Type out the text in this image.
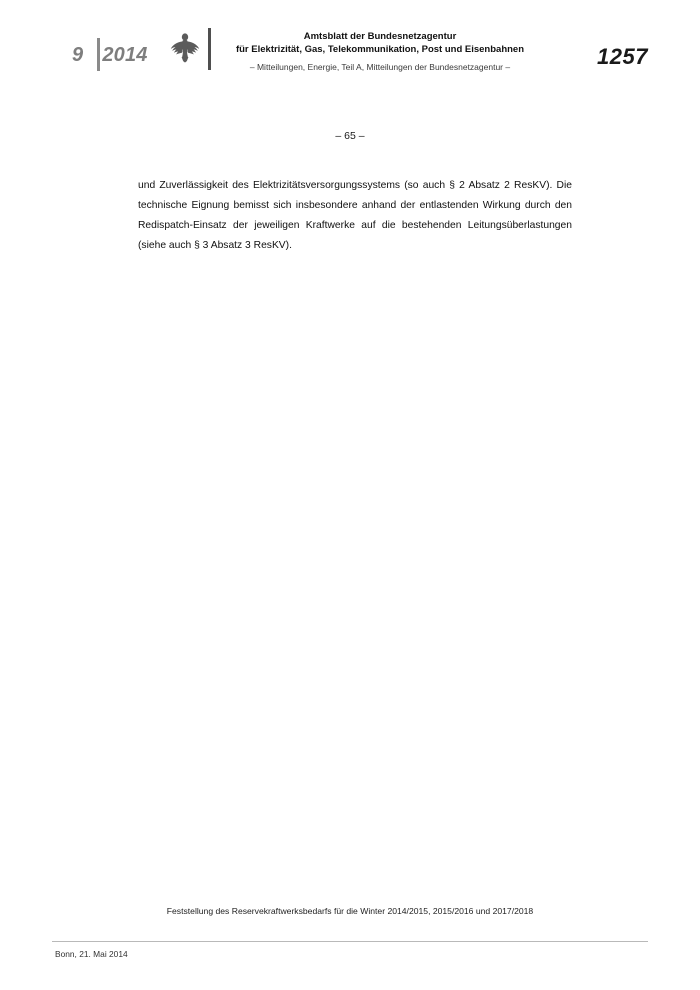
9 2014
Amtsblatt der Bundesnetzagentur
für Elektrizität, Gas, Telekommunikation, Post und Eisenbahnen
– Mitteilungen, Energie, Teil A, Mitteilungen der Bundesnetzagentur –	1257
– 65 –

und Zuverlässigkeit des Elektrizitätsversorgungssystems (so auch § 2 Absatz 2 ResKV). Die technische Eignung bemisst sich insbesondere anhand der entlastenden Wirkung durch den Redispatch-Einsatz der jeweiligen Kraftwerke auf die bestehenden Leitungsüberlastungen (siehe auch § 3 Absatz 3 ResKV).

Feststellung des Reservekraftwerksbedarfs für die Winter 2014/2015, 2015/2016 und 2017/2018
Bonn, 21. Mai 2014
